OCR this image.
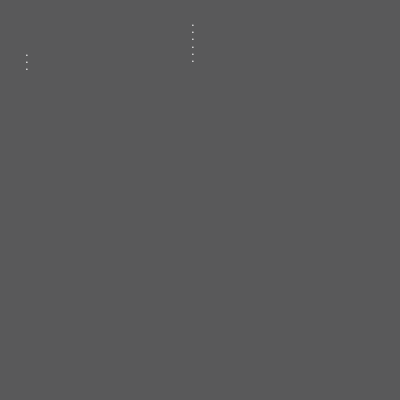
•
•
•

•
•
•
•
•
•
